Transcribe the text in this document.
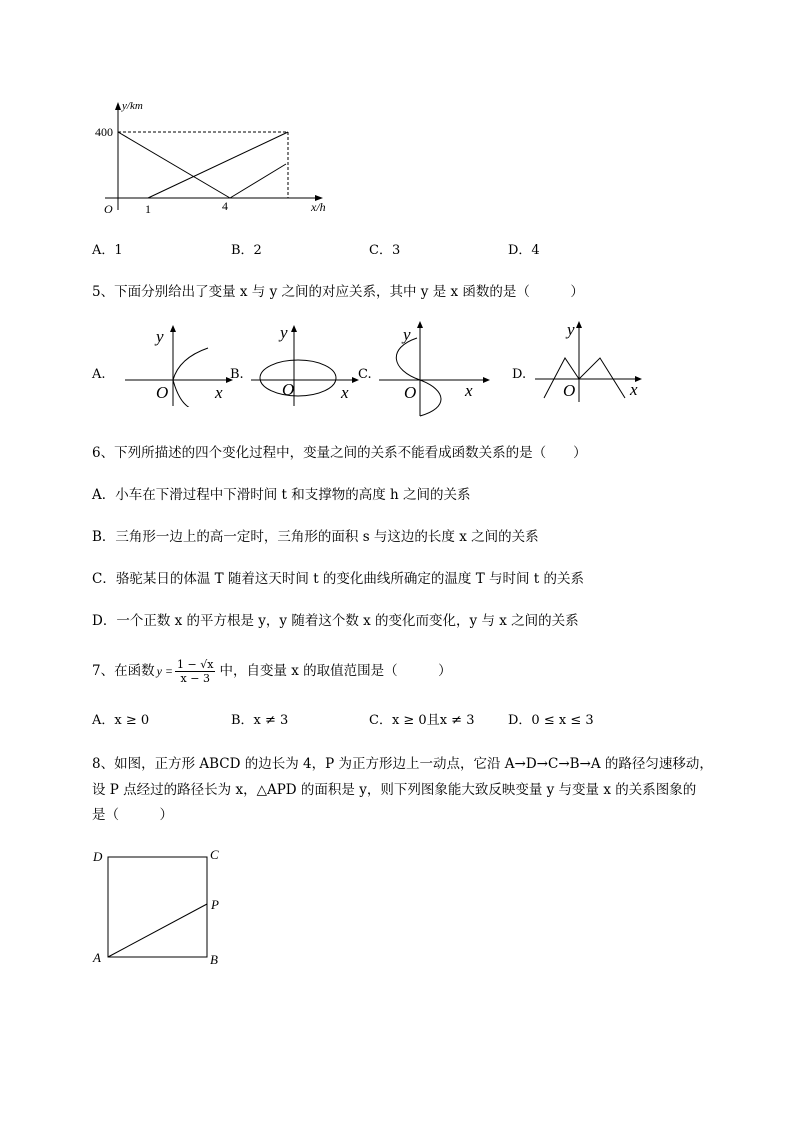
y/km
x/h
400
O	1	4
A．1	B．2	C．3	D．4
5、下面分别给出了变量 x 与 y 之间的对应关系，其中 y 是 x 函数的是（　　　）
A.
y
x
O
B.
y
x
O
C.
y
x
O
D.
y
x
O
6、下列所描述的四个变化过程中，变量之间的关系不能看成函数关系的是（　　）
A．小车在下滑过程中下滑时间 t 和支撑物的高度 h 之间的关系
B．三角形一边上的高一定时，三角形的面积 s 与这边的长度 x 之间的关系
C．骆驼某日的体温 T 随着这天时间 t 的变化曲线所确定的温度 T 与时间 t 的关系
D．一个正数 x 的平方根是 y，y 随着这个数 x 的变化而变化，y 与 x 之间的关系
7、在函数 $y = \frac{1 - √x}{x - 3}$ 中，自变量 x 的取值范围是（　　　）
A．x ≥ 0	B．x ≠ 3	C．x ≥ 0且x ≠ 3	D．0 ≤ x ≤ 3
8、如图，正方形 ABCD 的边长为 4，P 为正方形边上一动点，它沿 A→D→C→B→A 的路径匀速移动，
设 P 点经过的路径长为 x，△APD 的面积是 y，则下列图象能大致反映变量 y 与变量 x 的关系图象的
是（　　　）
D	C
P
A	B
